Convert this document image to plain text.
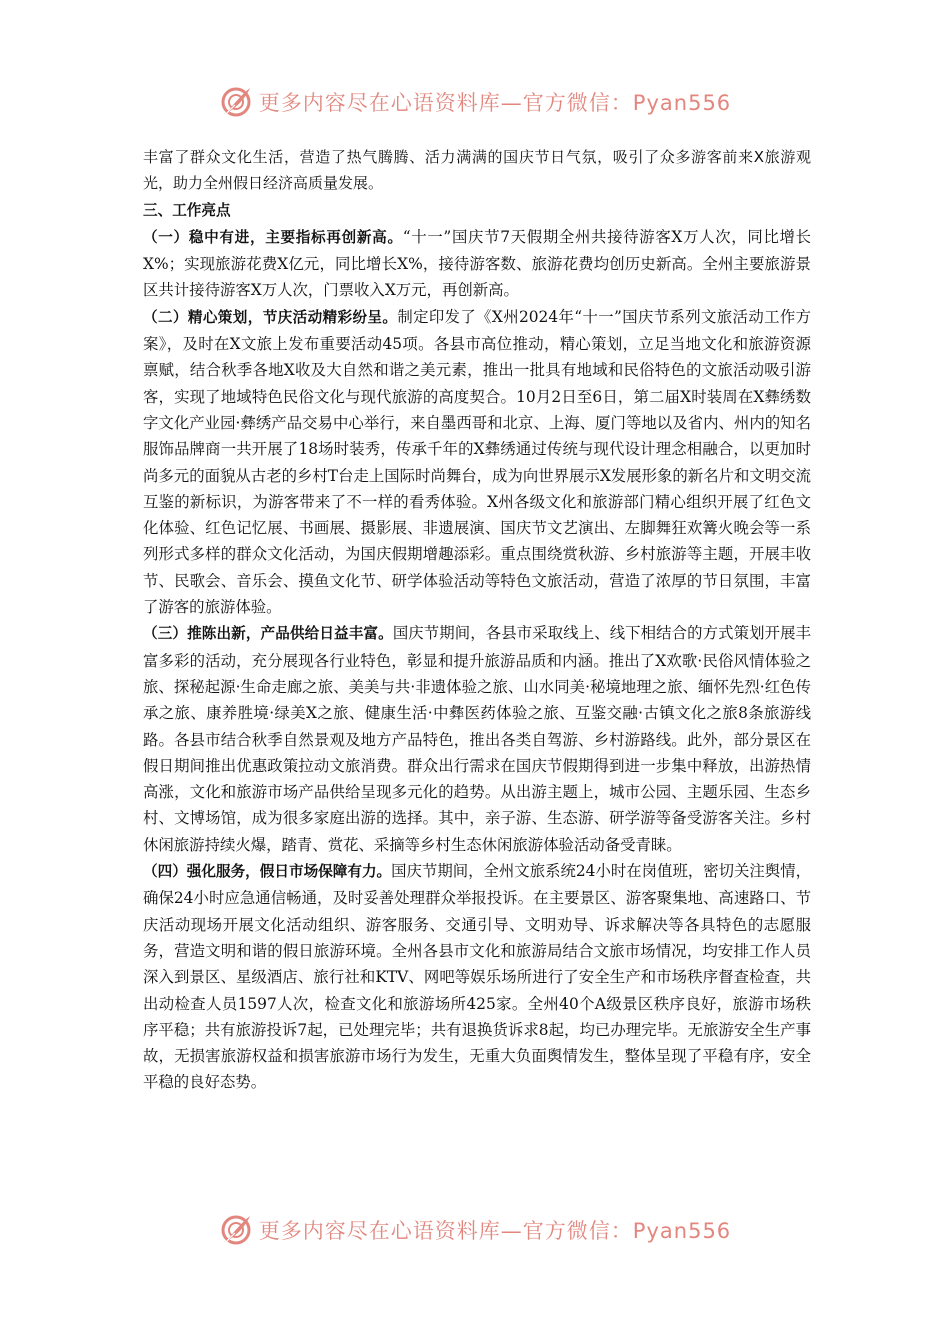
更多内容尽在心语资料库—官方微信：Pyan556

丰富了群众文化生活，营造了热气腾腾、活力满满的国庆节日气氛，吸引了众多游客前来X旅游观光，助力全州假日经济高质量发展。

三、工作亮点

（一）稳中有进，主要指标再创新高。“十一”国庆节7天假期全州共接待游客X万人次，同比增长X%；实现旅游花费X亿元，同比增长X%，接待游客数、旅游花费均创历史新高。全州主要旅游景区共计接待游客X万人次，门票收入X万元，再创新高。

（二）精心策划，节庆活动精彩纷呈。制定印发了《X州2024年“十一”国庆节系列文旅活动工作方案》，及时在X文旅上发布重要活动45项。各县市高位推动，精心策划，立足当地文化和旅游资源禀赋，结合秋季各地X收及大自然和谐之美元素，推出一批具有地域和民俗特色的文旅活动吸引游客，实现了地域特色民俗文化与现代旅游的高度契合。10月2日至6日，第二届X时装周在X彝绣数字文化产业园·彝绣产品交易中心举行，来自墨西哥和北京、上海、厦门等地以及省内、州内的知名服饰品牌商一共开展了18场时装秀，传承千年的X彝绣通过传统与现代设计理念相融合，以更加时尚多元的面貌从古老的乡村T台走上国际时尚舞台，成为向世界展示X发展形象的新名片和文明交流互鉴的新标识，为游客带来了不一样的看秀体验。X州各级文化和旅游部门精心组织开展了红色文化体验、红色记忆展、书画展、摄影展、非遗展演、国庆节文艺演出、左脚舞狂欢篝火晚会等一系列形式多样的群众文化活动，为国庆假期增趣添彩。重点围绕赏秋游、乡村旅游等主题，开展丰收节、民歌会、音乐会、摸鱼文化节、研学体验活动等特色文旅活动，营造了浓厚的节日氛围，丰富了游客的旅游体验。

（三）推陈出新，产品供给日益丰富。国庆节期间，各县市采取线上、线下相结合的方式策划开展丰富多彩的活动，充分展现各行业特色，彰显和提升旅游品质和内涵。推出了X欢歌·民俗风情体验之旅、探秘起源·生命走廊之旅、美美与共·非遗体验之旅、山水同美·秘境地理之旅、缅怀先烈·红色传承之旅、康养胜境·绿美X之旅、健康生活·中彝医药体验之旅、互鉴交融·古镇文化之旅8条旅游线路。各县市结合秋季自然景观及地方产品特色，推出各类自驾游、乡村游路线。此外，部分景区在假日期间推出优惠政策拉动文旅消费。群众出行需求在国庆节假期得到进一步集中释放，出游热情高涨，文化和旅游市场产品供给呈现多元化的趋势。从出游主题上，城市公园、主题乐园、生态乡村、文博场馆，成为很多家庭出游的选择。其中，亲子游、生态游、研学游等备受游客关注。乡村休闲旅游持续火爆，踏青、赏花、采摘等乡村生态休闲旅游体验活动备受青睐。

（四）强化服务，假日市场保障有力。国庆节期间，全州文旅系统24小时在岗值班，密切关注舆情，确保24小时应急通信畅通，及时妥善处理群众举报投诉。在主要景区、游客聚集地、高速路口、节庆活动现场开展文化活动组织、游客服务、交通引导、文明劝导、诉求解决等各具特色的志愿服务，营造文明和谐的假日旅游环境。全州各县市文化和旅游局结合文旅市场情况，均安排工作人员深入到景区、星级酒店、旅行社和KTV、网吧等娱乐场所进行了安全生产和市场秩序督查检查，共出动检查人员1597人次，检查文化和旅游场所425家。全州40个A级景区秩序良好，旅游市场秩序平稳；共有旅游投诉7起，已处理完毕；共有退换货诉求8起，均已办理完毕。无旅游安全生产事故，无损害旅游权益和损害旅游市场行为发生，无重大负面舆情发生，整体呈现了平稳有序，安全平稳的良好态势。

更多内容尽在心语资料库—官方微信：Pyan556
